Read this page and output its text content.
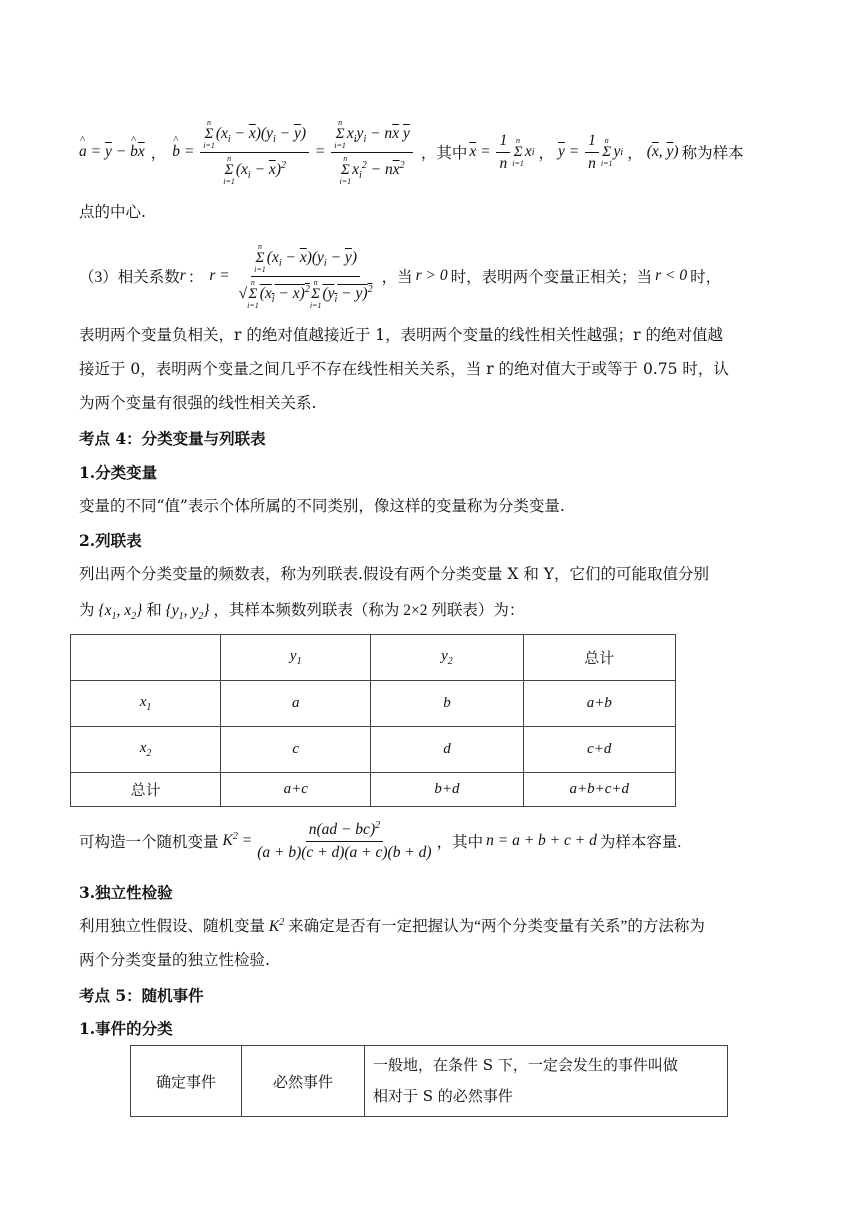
^ $a = \overline{y}$ − ^ $b\overline{x}$ ， ^ b = n
Σ
i=1
$(x_i - \overline{x})(y_i - \overline{y})$
n
Σ
i=1
$(x_i - \overline{x})^2 = n$
Σ
i=1
$x_iy_i - n\overline{x}$ $\overline{y}$
n
Σ
i=1
$x_i^2 - n\overline{x}^2$ ， 其中 $\overline{x} = \frac{1}{n}$ n
Σ
i=1
x i ， $\overline{y} = \frac{1}{n}$ n
Σ
i=1
y i ， ($\overline{x}$, $\overline{y}$) 称为样本
点的中心.
（3）相关系数 r ： r = n
Σ
i=1
$(x_i - \overline{x})(y_i - \overline{y})$
√
n
Σ
i=1
$(x_i - x)^2$
n
Σ
i=1
$(y_i - y)^2$ ，当 r > 0 时，表明两个变量正相关；当 r < 0 时，
表明两个变量负相关，r 的绝对值越接近于 1，表明两个变量的线性相关性越强；r 的绝对值越
接近于 0，表明两个变量之间几乎不存在线性相关关系，当 r 的绝对值大于或等于 0.75 时，认
为两个变量有很强的线性相关关系.
考点 4：分类变量与列联表
1.分类变量
变量的不同“值”表示个体所属的不同类别，像这样的变量称为分类变量.
2.列联表
列出两个分类变量的频数表，称为列联表.假设有两个分类变量 X 和 Y，它们的可能取值分别
为 {$x_1$, $x_2$} 和 {$y_1$, $y_2$} ，其样本频数列联表（称为 2×2 列联表）为：
	$y_1$	$y_2$	总计
$x_1$	a	b	a+b
$x_2$	c	d	c+d
总计	a+c	b+d	a+b+c+d
可构造一个随机变量 $K^2 = \frac{n(ad - bc)^2}{(a + b)(c + d)(a + c)(b + d)}$ ，其中 n = a + b + c + d 为样本容量.
3.独立性检验
利用独立性假设、随机变量 $K^2$ 来确定是否有一定把握认为“两个分类变量有关系”的方法称为
两个分类变量的独立性检验.
考点 5：随机事件
1.事件的分类
确定事件	必然事件	
一般地，在条件 S 下，一定会发生的事件叫做
相对于 S 的必然事件
